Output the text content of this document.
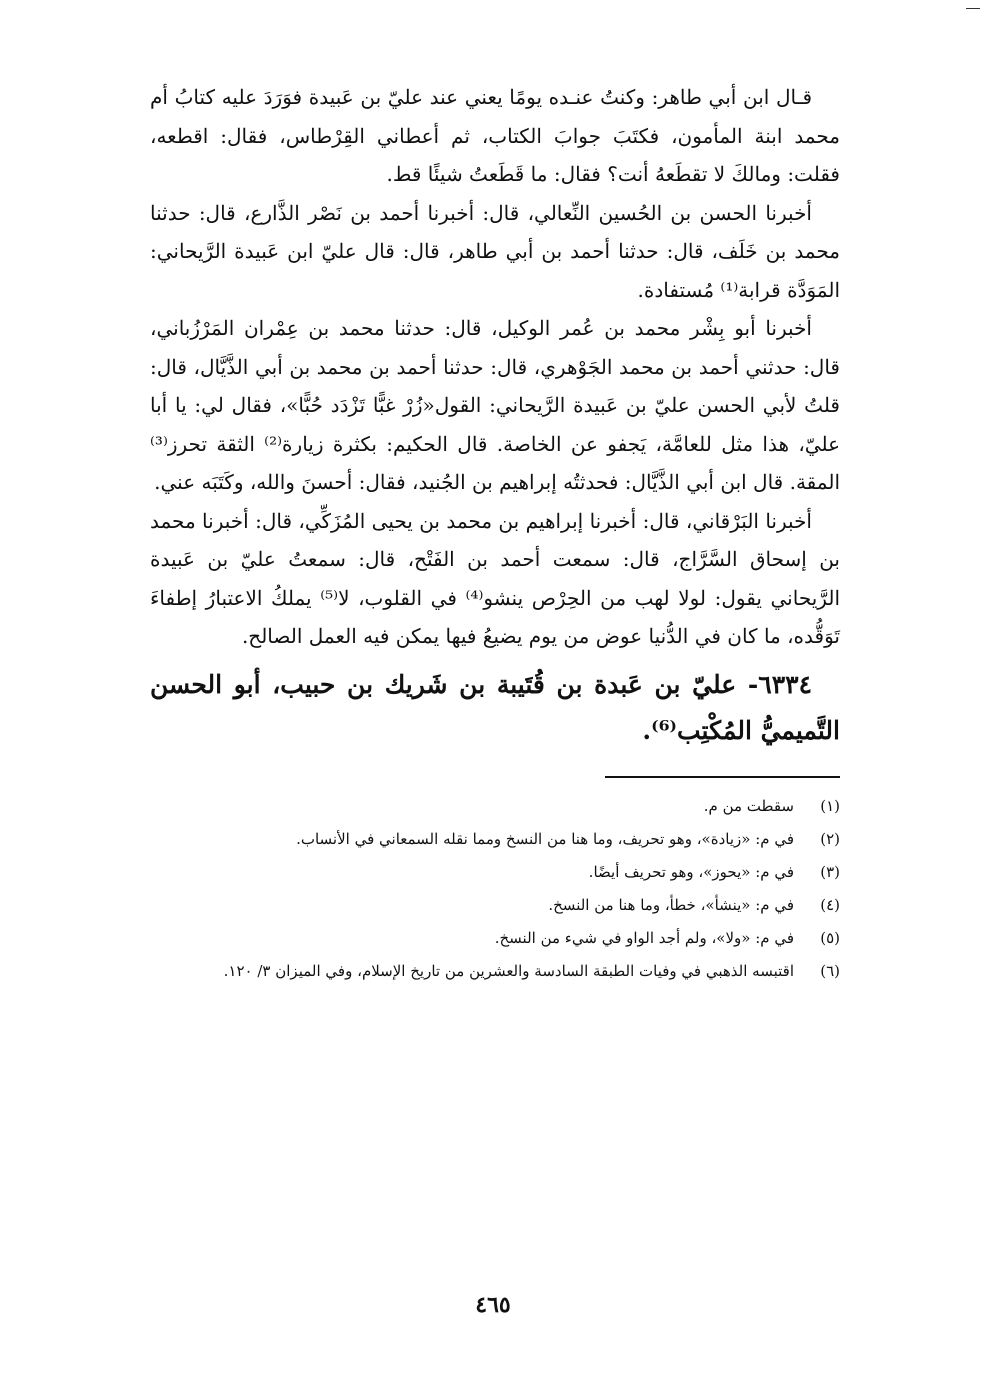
قـال ابن أبي طاهر: وكنتُ عنـده يومًا يعني عند عليّ بن عَبيدة فوَرَدَ عليه كتابُ أم محمد ابنة المأمون، فكتَبَ جوابَ الكتاب، ثم أعطاني القِرْطاس، فقال: اقطعه، فقلت: ومالكَ لا تقطَعهُ أنت؟ فقال: ما قَطَعتُ شيئًا قط.

أخبرنا الحسن بن الحُسين النِّعالي، قال: أخبرنا أحمد بن نَصْر الذَّارع، قال: حدثنا محمد بن خَلَف، قال: حدثنا أحمد بن أبي طاهر، قال: قال عليّ ابن عَبيدة الرَّيحاني: المَوَدَّة قرابة⁽¹⁾ مُستفادة.

أخبرنا أبو بِشْر محمد بن عُمر الوكيل، قال: حدثنا محمد بن عِمْران المَرْزُباني، قال: حدثني أحمد بن محمد الجَوْهري، قال: حدثنا أحمد بن محمد بن أبي الذَّيَّال، قال: قلتُ لأبي الحسن عليّ بن عَبيدة الرَّيحاني: القول«زُرْ غبًّا تَزْدَد حُبًّا»، فقال لي: يا أبا عليّ، هذا مثل للعامَّة، يَجفو عن الخاصة. قال الحكيم: بكثرة زيارة⁽²⁾ الثقة تحرز⁽³⁾ المقة. قال ابن أبي الذَّيَّال: فحدثتُه إبراهيم بن الجُنيد، فقال: أحسنَ والله، وكَتَبَه عني.

أخبرنا البَرْقاني، قال: أخبرنا إبراهيم بن محمد بن يحيى المُزَكِّي، قال: أخبرنا محمد بن إسحاق السَّرَّاج، قال: سمعت أحمد بن الفَتْح، قال: سمعتُ عليّ بن عَبيدة الرَّيحاني يقول: لولا لهب من الحِرْص ينشو⁽⁴⁾ في القلوب، لا⁽⁵⁾ يملكُ الاعتبارُ إطفاءَ تَوَقُّده، ما كان في الدُّنيا عوض من يوم يضيعُ فيها يمكن فيه العمل الصالح.

٦٣٣٤- عليّ بن عَبدة بن قُتَيبة بن شَريك بن حبيب، أبو الحسن التَّميميُّ المُكْتِب⁽⁶⁾.

(١)
سقطت من م.
(٢)
في م: «زيادة»، وهو تحريف، وما هنا من النسخ ومما نقله السمعاني في الأنساب.
(٣)
في م: «يحوز»، وهو تحريف أيضًا.
(٤)
في م: «ينشأ»، خطأ، وما هنا من النسخ.
(٥)
في م: «ولا»، ولم أجد الواو في شيء من النسخ.
(٦)
اقتبسه الذهبي في وفيات الطبقة السادسة والعشرين من تاريخ الإسلام، وفي الميزان ٣/ ١٢٠.
٤٦٥
